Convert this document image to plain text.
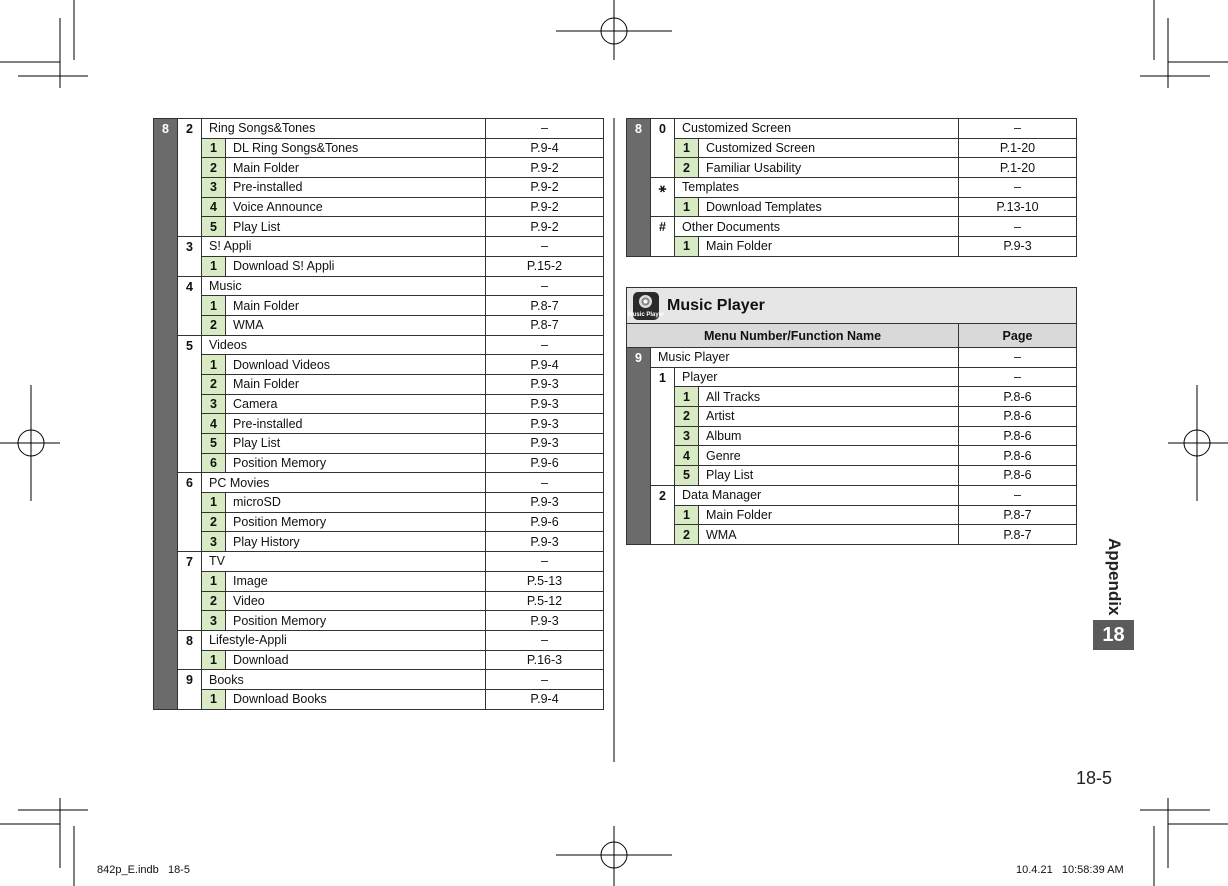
8	2	Ring Songs&Tones		–
		1	DL Ring Songs&Tones	P.9-4
		2	Main Folder	P.9-2
		3	Pre-installed	P.9-2
		4	Voice Announce	P.9-2
		5	Play List	P.9-2
	3	S! Appli		–
		1	Download S! Appli	P.15-2
	4	Music		–
		1	Main Folder	P.8-7
		2	WMA	P.8-7
	5	Videos		–
		1	Download Videos	P.9-4
		2	Main Folder	P.9-3
		3	Camera	P.9-3
		4	Pre-installed	P.9-3
		5	Play List	P.9-3
		6	Position Memory	P.9-6
	6	PC Movies		–
		1	microSD	P.9-3
		2	Position Memory	P.9-6
		3	Play History	P.9-3
	7	TV		–
		1	Image	P.5-13
		2	Video	P.5-12
		3	Position Memory	P.9-3
	8	Lifestyle-Appli		–
		1	Download	P.16-3
	9	Books		–
		1	Download Books	P.9-4
8	0	Customized Screen		–
		1	Customized Screen	P.1-20
		2	Familiar Usability	P.1-20
	⚹	Templates		–
		1	Download Templates	P.13-10
	#	Other Documents		–
		1	Main Folder	P.9-3
Music Player
Music Player				

Menu Number/Function Name				Page
9	Music Player			–
	1	Player		–
		1	All Tracks	P.8-6
		2	Artist	P.8-6
		3	Album	P.8-6
		4	Genre	P.8-6
		5	Play List	P.8-6
	2	Data Manager		–
		1	Main Folder	P.8-7
		2	WMA	P.8-7
Appendix
18
18-5
842p_E.indb   18-5	10.4.21   10:58:39 AM
